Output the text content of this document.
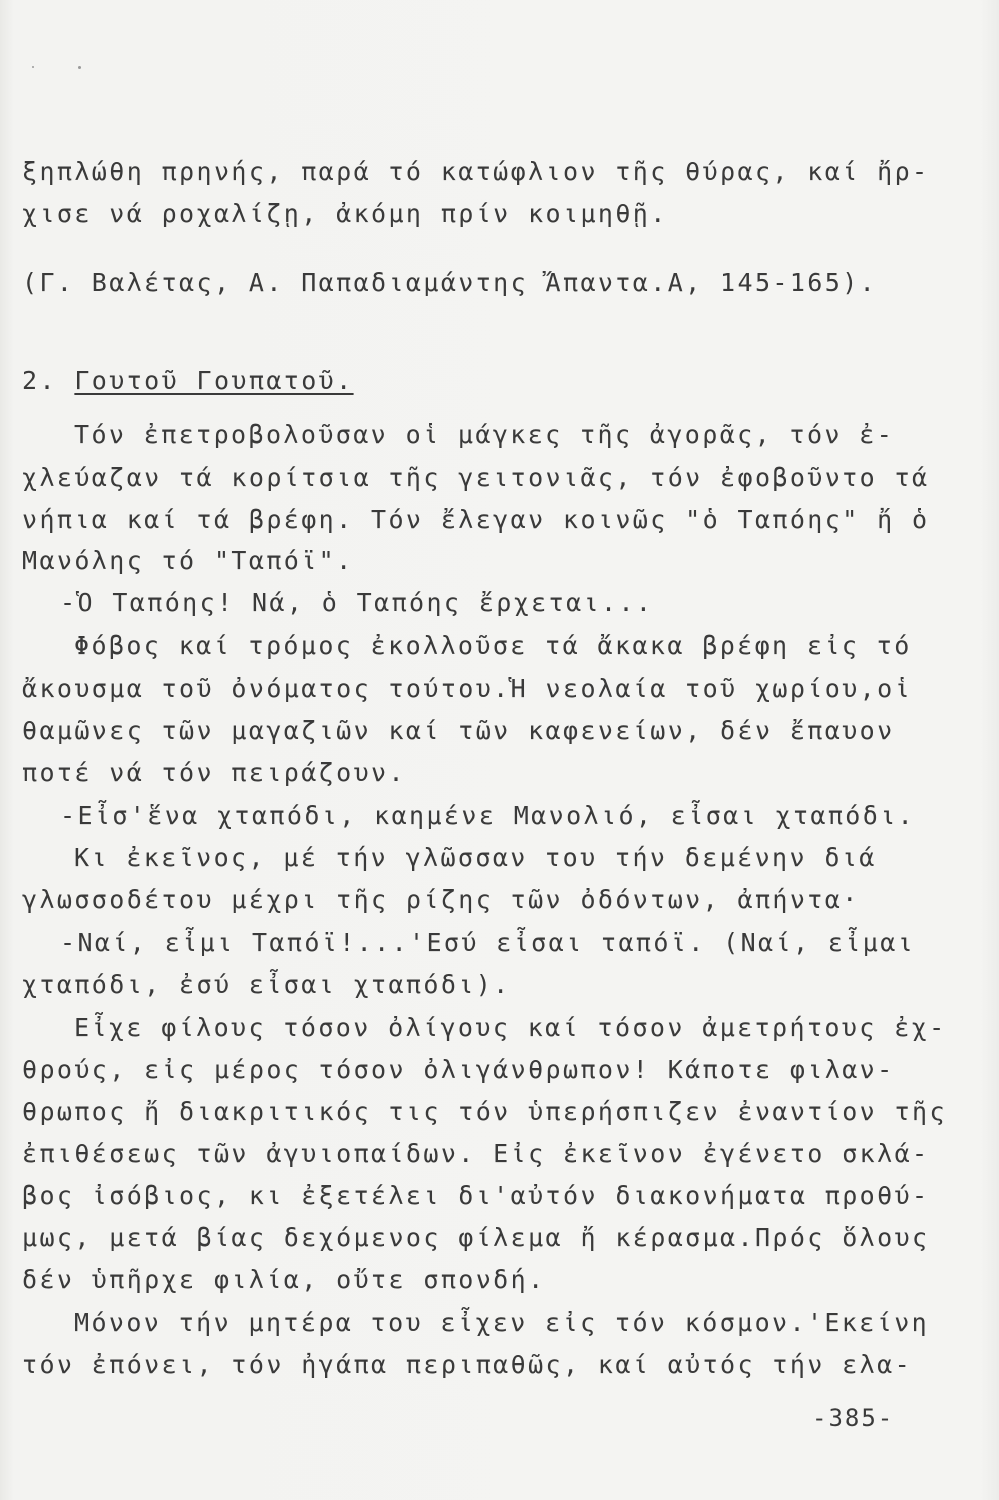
ξηπλώθη πρηνής, παρά τό κατώφλιον τῆς θύρας, καί ἤρ-
χισε νά ροχαλίζῃ, ἀκόμη πρίν κοιμηθῇ.
(Γ. Βαλέτας, Α. Παπαδιαμάντης Ἄπαντα.Α, 145-165).
2. Γουτοῦ Γουπατοῦ.
Τόν ἐπετροβολοῦσαν οἱ μάγκες τῆς ἀγορᾶς, τόν ἐ-
χλεύαζαν τά κορίτσια τῆς γειτονιᾶς, τόν ἐφοβοῦντο τά
νήπια καί τά βρέφη. Τόν ἔλεγαν κοινῶς "ὁ Ταπόης" ἤ ὁ
Μανόλης τό "Ταπόϊ".
-Ὁ Ταπόης! Νά, ὁ Ταπόης ἔρχεται...
Φόβος καί τρόμος ἐκολλοῦσε τά ἄκακα βρέφη εἰς τό
ἄκουσμα τοῦ ὀνόματος τούτου.Ἡ νεολαία τοῦ χωρίου,οἱ
θαμῶνες τῶν μαγαζιῶν καί τῶν καφενείων, δέν ἔπαυον
ποτέ νά τόν πειράζουν.
-Εἶσ'ἕνα χταπόδι, καημένε Μανολιό, εἶσαι χταπόδι.
Κι ἐκεῖνος, μέ τήν γλῶσσαν του τήν δεμένην διά
γλωσσοδέτου μέχρι τῆς ρίζης τῶν ὀδόντων, ἀπήντα·
-Ναί, εἶμι Ταπόϊ!...'Εσύ εἶσαι ταπόϊ. (Ναί, εἶμαι
χταπόδι, ἐσύ εἶσαι χταπόδι).
Εἶχε φίλους τόσον ὀλίγους καί τόσον ἀμετρήτους ἐχ-
θρούς, εἰς μέρος τόσον ὀλιγάνθρωπον! Κάποτε φιλαν-
θρωπος ἤ διακριτικός τις τόν ὑπερήσπιζεν ἐναντίον τῆς
ἐπιθέσεως τῶν ἀγυιοπαίδων. Εἰς ἐκεῖνον ἐγένετο σκλά-
βος ἰσόβιος, κι ἐξετέλει δι'αὐτόν διακονήματα προθύ-
μως, μετά βίας δεχόμενος φίλεμα ἤ κέρασμα.Πρός ὅλους
δέν ὑπῆρχε φιλία, οὔτε σπονδή.
Μόνον τήν μητέρα του εἶχεν εἰς τόν κόσμον.'Εκείνη
τόν ἐπόνει, τόν ἠγάπα περιπαθῶς, καί αὐτός τήν ελα-
-385-
